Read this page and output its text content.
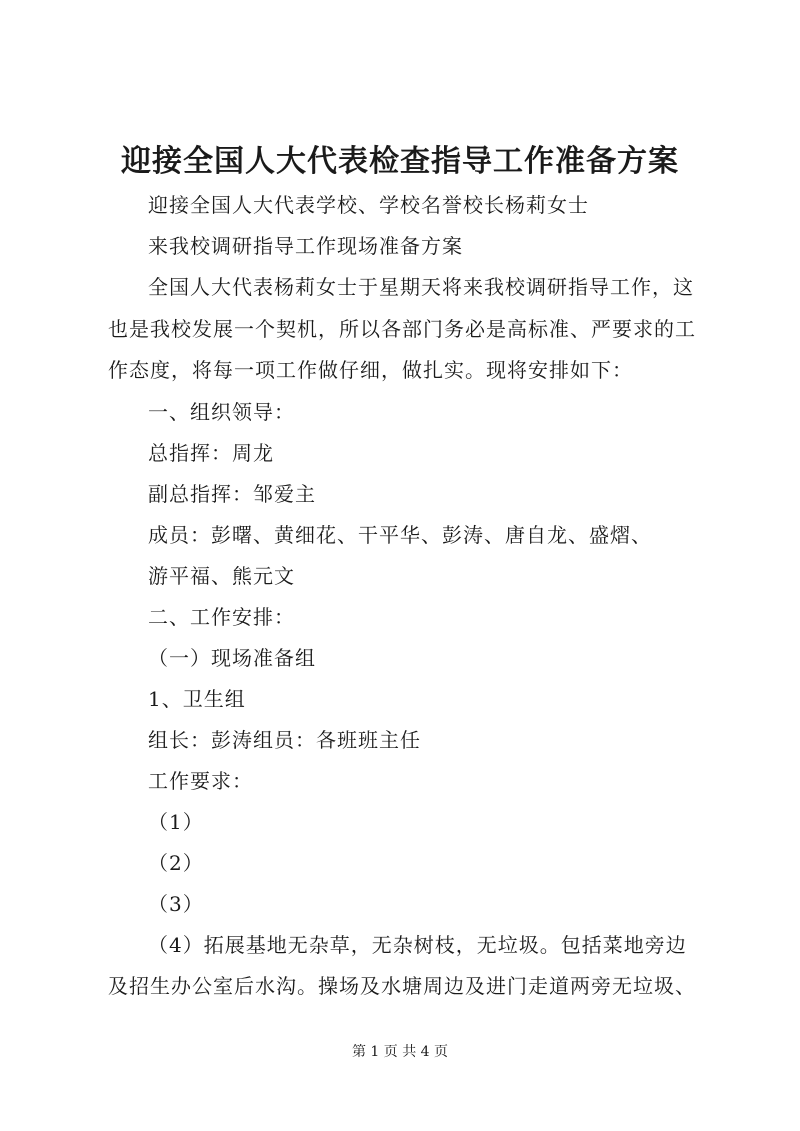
迎接全国人大代表检查指导工作准备方案
迎接全国人大代表学校、学校名誉校长杨莉女士
来我校调研指导工作现场准备方案
全国人大代表杨莉女士于星期天将来我校调研指导工作，这
也是我校发展一个契机，所以各部门务必是高标准、严要求的工
作态度，将每一项工作做仔细，做扎实。现将安排如下：
一、组织领导：
总指挥：周龙
副总指挥：邹爱主
成员：彭曙、黄细花、干平华、彭涛、唐自龙、盛熠、
游平福、熊元文
二、工作安排：
（一）现场准备组
1、卫生组
组长：彭涛组员：各班班主任
工作要求：
（1）
（2）
（3）
（4）拓展基地无杂草，无杂树枝，无垃圾。包括菜地旁边
及招生办公室后水沟。操场及水塘周边及进门走道两旁无垃圾、
第 1 页 共 4 页
